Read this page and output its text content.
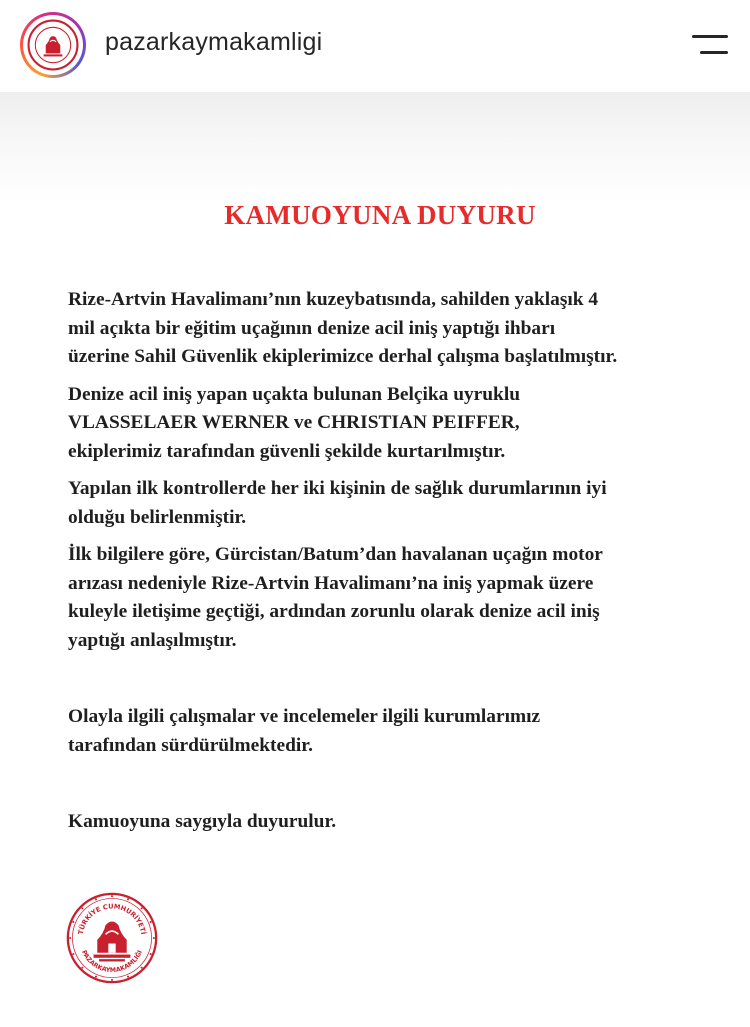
pazarkaymakamligi
KAMUOYUNA DUYURU

Rize-Artvin Havalimanı’nın kuzeybatısında, sahilden yaklaşık 4

mil açıkta bir eğitim uçağının denize acil iniş yaptığı ihbarı

üzerine Sahil Güvenlik ekiplerimizce derhal çalışma başlatılmıştır.

Denize acil iniş yapan uçakta bulunan Belçika uyruklu

VLASSELAER WERNER ve CHRISTIAN PEIFFER,

ekiplerimiz tarafından güvenli şekilde kurtarılmıştır.

Yapılan ilk kontrollerde her iki kişinin de sağlık durumlarının iyi

olduğu belirlenmiştir.

İlk bilgilere göre, Gürcistan/Batum’dan havalanan uçağın motor

arızası nedeniyle Rize-Artvin Havalimanı’na iniş yapmak üzere

kuleyle iletişime geçtiği, ardından zorunlu olarak denize acil iniş

yaptığı anlaşılmıştır.

Olayla ilgili çalışmalar ve incelemeler ilgili kurumlarımız

tarafından sürdürülmektedir.

Kamuoyuna saygıyla duyurulur.

TÜRKİYE CUMHURİYETİ
PAZARKAYMAKAMLIĞI
